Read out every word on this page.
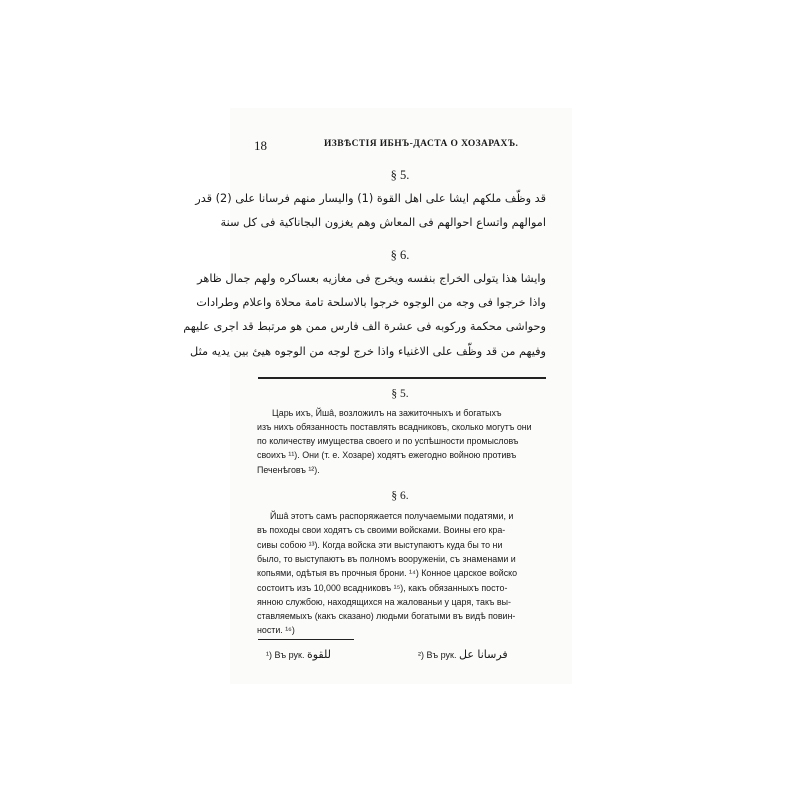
18	ИЗВѢСТІЯ ИБНЪ-ДАСТА О ХОЗАРАХЪ.
§ 5.
قد وظّف ملكهم ايشا على اهل القوة (1) واليسار منهم فرسانا على (2) قدر
اموالهم واتساع احوالهم فى المعاش وهم يغزون البجاناكية فى كل سنة
§ 6.
وايشا هذا يتولى الخراج بنفسه ويخرج فى مغازيه بعساكره ولهم جمال ظاهر
واذا خرجوا فى وجه من الوجوه خرجوا بالاسلحة تامة محلاة واعلام وطرادات
وحواشى محكمة وركوبه فى عشرة الف فارس ممن هو مرتبط قد اجرى عليهم
وفيهم من قد وظّف على الاغنياء واذا خرج لوجه من الوجوه هيئ بين يديه مثل
§ 5.
Царь ихъ, Йшâ, возложилъ на зажиточныхъ и богатыхъ
изъ нихъ обязанность поставлять всадниковъ, сколько могутъ они
по количеству имущества своего и по успѣшности промысловъ
своихъ ¹¹). Они (т. е. Хозаре) ходятъ ежегодно войною противъ
Печенѣговъ ¹²).
§ 6.
Йшâ этотъ самъ распоряжается получаемыми податями, и
въ походы свои ходятъ съ своими войсками. Воины его кра-
сивы собою ¹³). Когда войска эти выступаютъ куда бы то ни
было, то выступаютъ въ полномъ вооруженіи, съ знаменами и
копьями, одѣтыя въ прочныя брони. ¹⁴) Конное царское войско
состоитъ изъ 10,000 всадниковъ ¹⁵), какъ обязанныхъ посто-
янною службою, находящихся на жалованьи у царя, такъ вы-
ставляемыхъ (какъ сказано) людьми богатыми въ видѣ повин-
ности. ¹⁶)
¹) Въ рук. للقوة	²) Въ рук. فرسانا عل
